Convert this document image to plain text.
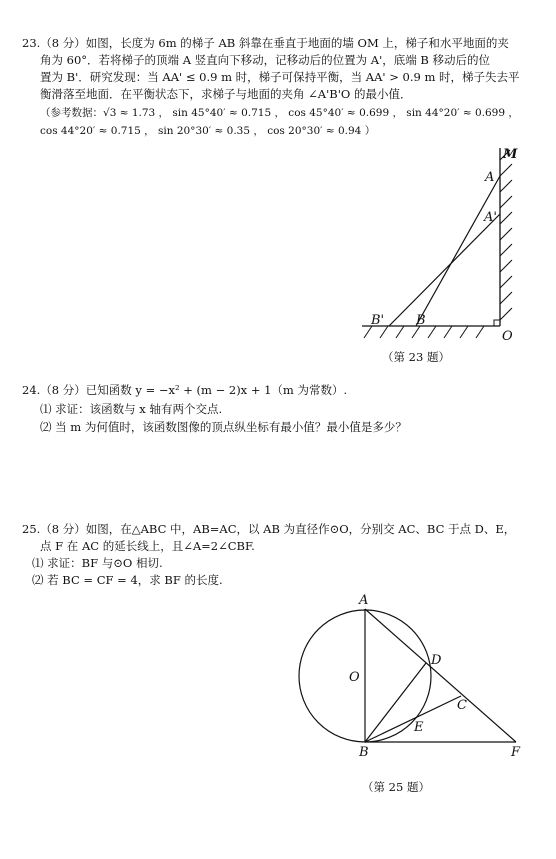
23.（8 分）如图，长度为 6m 的梯子 AB 斜靠在垂直于地面的墙 OM 上，梯子和水平地面的夹
角为 60°．若将梯子的顶端 A 竖直向下移动，记移动后的位置为 A'，底端 B 移动后的位
置为 B'．研究发现：当 AA' ≤ 0.9 m 时，梯子可保持平衡，当 AA' > 0.9 m 时，梯子失去平
衡滑落至地面．在平衡状态下，求梯子与地面的夹角 ∠A'B'O 的最小值．
（参考数据：√3 ≈ 1.73 ， sin 45°40′ ≈ 0.715 ， cos 45°40′ ≈ 0.699 ， sin 44°20′ ≈ 0.699 ，
cos 44°20′ ≈ 0.715 ， sin 20°30′ ≈ 0.35 ， cos 20°30′ ≈ 0.94 ）
M
A
A'
B' B
O
（第 23 题）
24.（8 分）已知函数 y = −x² + (m − 2)x + 1（m 为常数）.
⑴ 求证：该函数与 x 轴有两个交点.
⑵ 当 m 为何值时，该函数图像的顶点纵坐标有最小值？最小值是多少？
25.（8 分）如图，在△ABC 中，AB=AC，以 AB 为直径作⊙O，分别交 AC、BC 于点 D、E，
点 F 在 AC 的延长线上，且∠A=2∠CBF.
⑴ 求证：BF 与⊙O 相切.
⑵ 若 BC = CF = 4，求 BF 的长度.
A
O
D
C
E
B	F
（第 25 题）
